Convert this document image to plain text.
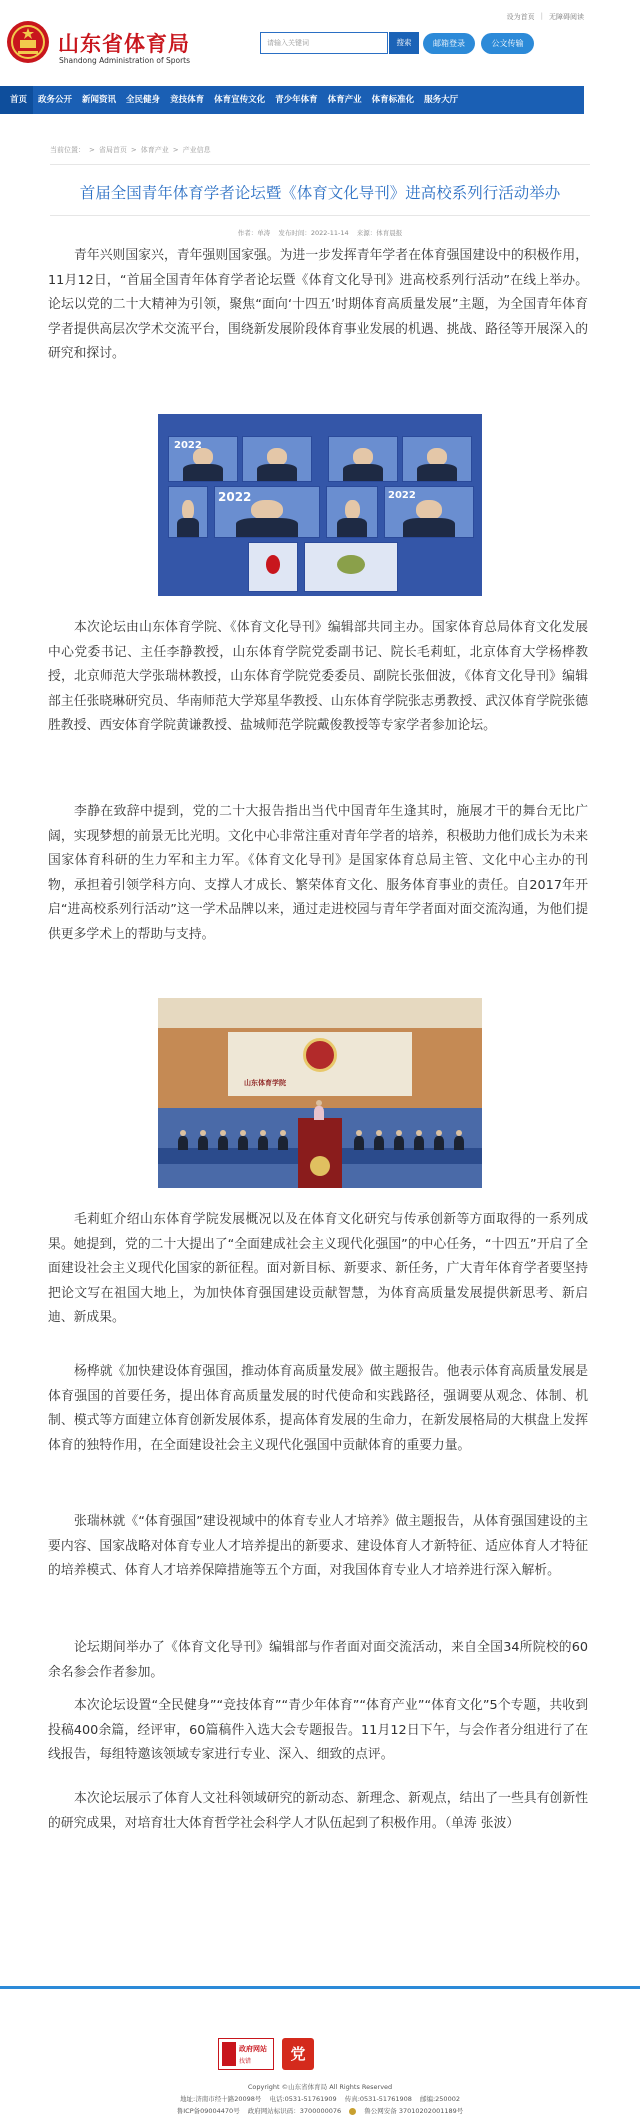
山东省体育局
Shandong Administration of Sports
请输入关键词	搜索	邮箱登录	公文传输
设为首页 | 无障碍阅读
首页	政务公开	新闻资讯	全民健身	竞技体育	体育宣传文化	青少年体育	体育产业	体育标准化	服务大厅
当前位置： > 省局首页 > 体育产业 > 产业信息
首届全国青年体育学者论坛暨《体育文化导刊》进高校系列行活动举办
作者：单涛 发布时间：2022-11-14 来源：体育晨报
青年兴则国家兴，青年强则国家强。为进一步发挥青年学者在体育强国建设中的积极作用，11月12日，“首届全国青年体育学者论坛暨《体育文化导刊》进高校系列行活动”在线上举办。论坛以党的二十大精神为引领，聚焦“面向‘十四五’时期体育高质量发展”主题，为全国青年体育学者提供高层次学术交流平台，围绕新发展阶段体育事业发展的机遇、挑战、路径等开展深入的研究和探讨。
2022
2022	2022
本次论坛由山东体育学院、《体育文化导刊》编辑部共同主办。国家体育总局体育文化发展中心党委书记、主任李静教授，山东体育学院党委副书记、院长毛莉虹，北京体育大学杨桦教授，北京师范大学张瑞林教授，山东体育学院党委委员、副院长张佃波，《体育文化导刊》编辑部主任张晓琳研究员、华南师范大学郑星华教授、山东体育学院张志勇教授、武汉体育学院张德胜教授、西安体育学院黄谦教授、盐城师范学院戴俊教授等专家学者参加论坛。
李静在致辞中提到，党的二十大报告指出当代中国青年生逢其时，施展才干的舞台无比广阔，实现梦想的前景无比光明。文化中心非常注重对青年学者的培养，积极助力他们成长为未来国家体育科研的生力军和主力军。《体育文化导刊》是国家体育总局主管、文化中心主办的刊物，承担着引领学科方向、支撑人才成长、繁荣体育文化、服务体育事业的责任。自2017年开启“进高校系列行活动”这一学术品牌以来，通过走进校园与青年学者面对面交流沟通，为他们提供更多学术上的帮助与支持。
山东体育学院
毛莉虹介绍山东体育学院发展概况以及在体育文化研究与传承创新等方面取得的一系列成果。她提到，党的二十大提出了“全面建成社会主义现代化强国”的中心任务，“十四五”开启了全面建设社会主义现代化国家的新征程。面对新目标、新要求、新任务，广大青年体育学者要坚持把论文写在祖国大地上，为加快体育强国建设贡献智慧，为体育高质量发展提供新思考、新启迪、新成果。
杨桦就《加快建设体育强国，推动体育高质量发展》做主题报告。他表示体育高质量发展是体育强国的首要任务，提出体育高质量发展的时代使命和实践路径，强调要从观念、体制、机制、模式等方面建立体育创新发展体系，提高体育发展的生命力，在新发展格局的大棋盘上发挥体育的独特作用，在全面建设社会主义现代化强国中贡献体育的重要力量。
张瑞林就《“体育强国”建设视域中的体育专业人才培养》做主题报告，从体育强国建设的主要内容、国家战略对体育专业人才培养提出的新要求、建设体育人才新特征、适应体育人才特征的培养模式、体育人才培养保障措施等五个方面，对我国体育专业人才培养进行深入解析。
论坛期间举办了《体育文化导刊》编辑部与作者面对面交流活动，来自全国34所院校的60余名参会作者参加。
本次论坛设置“全民健身”“竞技体育”“青少年体育”“体育产业”“体育文化”5个专题，共收到投稿400余篇，经评审，60篇稿件入选大会专题报告。11月12日下午，与会作者分组进行了在线报告，每组特邀该领域专家进行专业、深入、细致的点评。
本次论坛展示了体育人文社科领域研究的新动态、新理念、新观点，结出了一些具有创新性的研究成果，对培育壮大体育哲学社会科学人才队伍起到了积极作用。（单涛 张波）
政府网站
找错	党
Copyright ©山东省体育局 All Rights Reserved
地址:济南市经十路20098号 电话:0531-51761909 传真:0531-51761908 邮编:250002
鲁ICP备09004470号 政府网站标识码：3700000076	鲁公网安备 37010202001189号
